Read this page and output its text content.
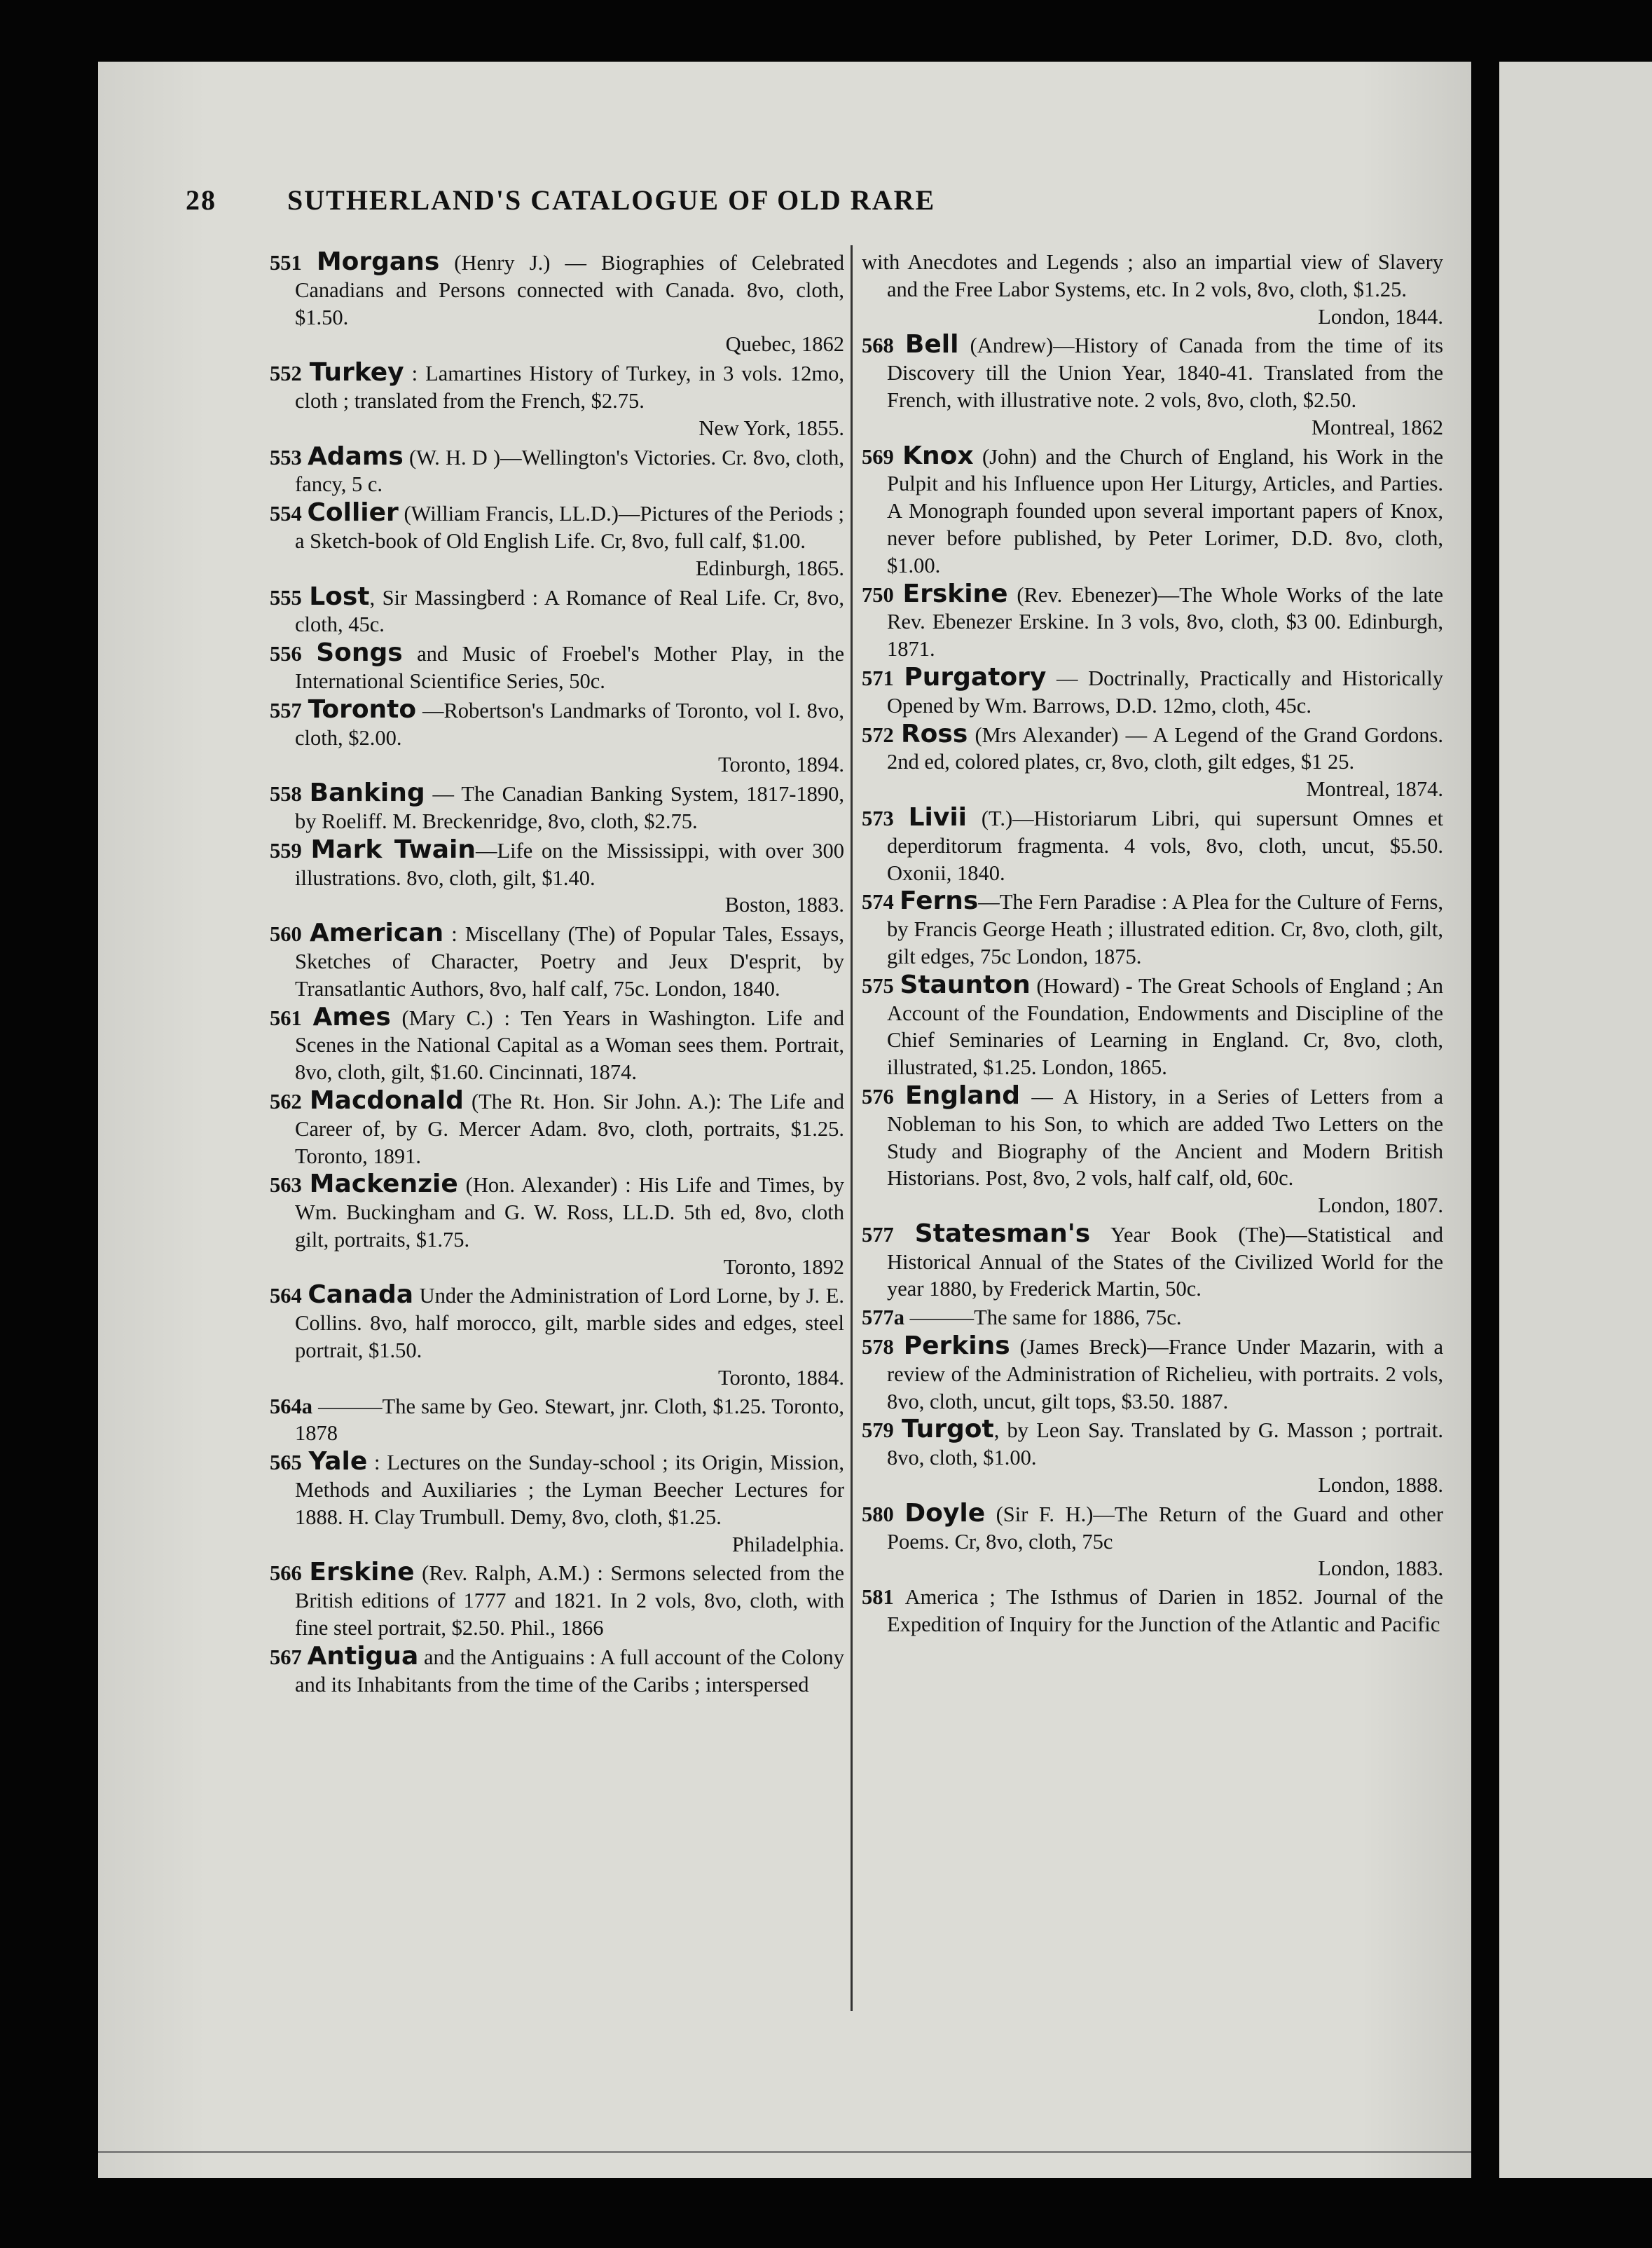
28	SUTHERLAND'S CATALOGUE OF OLD RARE
551 Morgans (Henry J.) — Biographies of Celebrated Canadians and Persons connected with Canada. 8vo, cloth, $1.50.
Quebec, 1862
552 Turkey : Lamartines History of Turkey, in 3 vols. 12mo, cloth ; translated from the French, $2.75.
New York, 1855.
553 Adams (W. H. D )—Wellington's Victories. Cr. 8vo, cloth, fancy, 5 c.
554 Collier (William Francis, LL.D.)—Pictures of the Periods ; a Sketch-book of Old English Life. Cr, 8vo, full calf, $1.00.
Edinburgh, 1865.
555 Lost, Sir Massingberd : A Romance of Real Life. Cr, 8vo, cloth, 45c.
556 Songs and Music of Froebel's Mother Play, in the International Scientifice Series, 50c.
557 Toronto —Robertson's Landmarks of Toronto, vol I. 8vo, cloth, $2.00.
Toronto, 1894.
558 Banking — The Canadian Banking System, 1817-1890, by Roeliff. M. Breckenridge, 8vo, cloth, $2.75.
559 Mark Twain—Life on the Mississippi, with over 300 illustrations. 8vo, cloth, gilt, $1.40.
Boston, 1883.
560 American : Miscellany (The) of Popular Tales, Essays, Sketches of Character, Poetry and Jeux D'esprit, by Transatlantic Authors, 8vo, half calf, 75c. London, 1840.
561 Ames (Mary C.) : Ten Years in Washington. Life and Scenes in the National Capital as a Woman sees them. Portrait, 8vo, cloth, gilt, $1.60. Cincinnati, 1874.
562 Macdonald (The Rt. Hon. Sir John. A.): The Life and Career of, by G. Mercer Adam. 8vo, cloth, portraits, $1.25. Toronto, 1891.
563 Mackenzie (Hon. Alexander) : His Life and Times, by Wm. Buckingham and G. W. Ross, LL.D. 5th ed, 8vo, cloth gilt, portraits, $1.75.
Toronto, 1892
564 Canada Under the Administration of Lord Lorne, by J. E. Collins. 8vo, half morocco, gilt, marble sides and edges, steel portrait, $1.50.
Toronto, 1884.
564a ———The same by Geo. Stewart, jnr. Cloth, $1.25. Toronto, 1878
565 Yale : Lectures on the Sunday-school ; its Origin, Mission, Methods and Auxiliaries ; the Lyman Beecher Lectures for 1888. H. Clay Trumbull. Demy, 8vo, cloth, $1.25.
Philadelphia.
566 Erskine (Rev. Ralph, A.M.) : Sermons selected from the British editions of 1777 and 1821. In 2 vols, 8vo, cloth, with fine steel portrait, $2.50. Phil., 1866
567 Antigua and the Antiguains : A full account of the Colony and its Inhabitants from the time of the Caribs ; interspersed
with Anecdotes and Legends ; also an impartial view of Slavery and the Free Labor Systems, etc. In 2 vols, 8vo, cloth, $1.25.
London, 1844.
568 Bell (Andrew)—History of Canada from the time of its Discovery till the Union Year, 1840-41. Translated from the French, with illustrative note. 2 vols, 8vo, cloth, $2.50.
Montreal, 1862
569 Knox (John) and the Church of England, his Work in the Pulpit and his Influence upon Her Liturgy, Articles, and Parties. A Monograph founded upon several important papers of Knox, never before published, by Peter Lorimer, D.D. 8vo, cloth, $1.00.
750 Erskine (Rev. Ebenezer)—The Whole Works of the late Rev. Ebenezer Erskine. In 3 vols, 8vo, cloth, $3 00. Edinburgh, 1871.
571 Purgatory — Doctrinally, Practically and Historically Opened by Wm. Barrows, D.D. 12mo, cloth, 45c.
572 Ross (Mrs Alexander) — A Legend of the Grand Gordons. 2nd ed, colored plates, cr, 8vo, cloth, gilt edges, $1 25.
Montreal, 1874.
573 Livii (T.)—Historiarum Libri, qui supersunt Omnes et deperditorum fragmenta. 4 vols, 8vo, cloth, uncut, $5.50. Oxonii, 1840.
574 Ferns—The Fern Paradise : A Plea for the Culture of Ferns, by Francis George Heath ; illustrated edition. Cr, 8vo, cloth, gilt, gilt edges, 75c London, 1875.
575 Staunton (Howard) - The Great Schools of England ; An Account of the Foundation, Endowments and Discipline of the Chief Seminaries of Learning in England. Cr, 8vo, cloth, illustrated, $1.25. London, 1865.
576 England — A History, in a Series of Letters from a Nobleman to his Son, to which are added Two Letters on the Study and Biography of the Ancient and Modern British Historians. Post, 8vo, 2 vols, half calf, old, 60c.
London, 1807.
577 Statesman's Year Book (The)—Statistical and Historical Annual of the States of the Civilized World for the year 1880, by Frederick Martin, 50c.
577a ———The same for 1886, 75c.
578 Perkins (James Breck)—France Under Mazarin, with a review of the Administration of Richelieu, with portraits. 2 vols, 8vo, cloth, uncut, gilt tops, $3.50. 1887.
579 Turgot, by Leon Say. Translated by G. Masson ; portrait. 8vo, cloth, $1.00.
London, 1888.
580 Doyle (Sir F. H.)—The Return of the Guard and other Poems. Cr, 8vo, cloth, 75c
London, 1883.
581 America ; The Isthmus of Darien in 1852. Journal of the Expedition of Inquiry for the Junction of the Atlantic and Pacific
